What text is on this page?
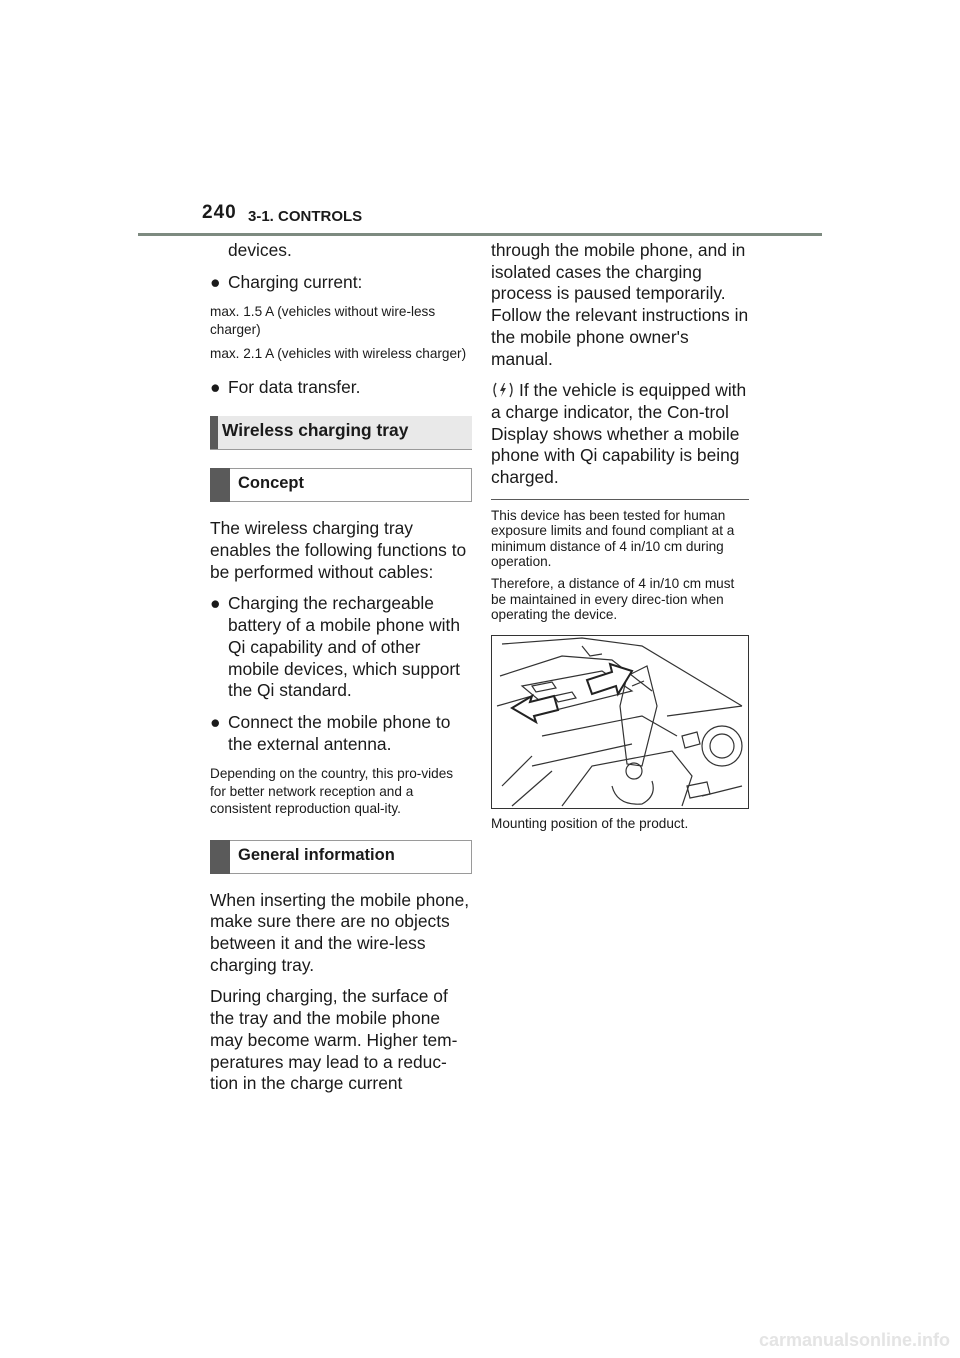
240 3-1. CONTROLS

devices.

● Charging current:

max. 1.5 A (vehicles without wire-less charger)

max. 2.1 A (vehicles with wireless charger)

● For data transfer.
Wireless charging tray
Concept

The wireless charging tray enables the following functions to be performed without cables:

● Charging the rechargeable battery of a mobile phone with Qi capability and of other mobile devices, which support the Qi standard.
● Connect the mobile phone to the external antenna.

Depending on the country, this pro-vides for better network reception and a consistent reproduction qual-ity.

General information

When inserting the mobile phone, make sure there are no objects between it and the wire-less charging tray.

During charging, the surface of the tray and the mobile phone may become warm. Higher tem-peratures may lead to a reduc-tion in the charge current

through the mobile phone, and in isolated cases the charging process is paused temporarily. Follow the relevant instructions in the mobile phone owner's manual.

If the vehicle is equipped with a charge indicator, the Con-trol Display shows whether a mobile phone with Qi capability is being charged.

This device has been tested for human exposure limits and found compliant at a minimum distance of 4 in/10 cm during operation.

Therefore, a distance of 4 in/10 cm must be maintained in every direc-tion when operating the device.

Mounting position of the product.

carmanualsonline.info
